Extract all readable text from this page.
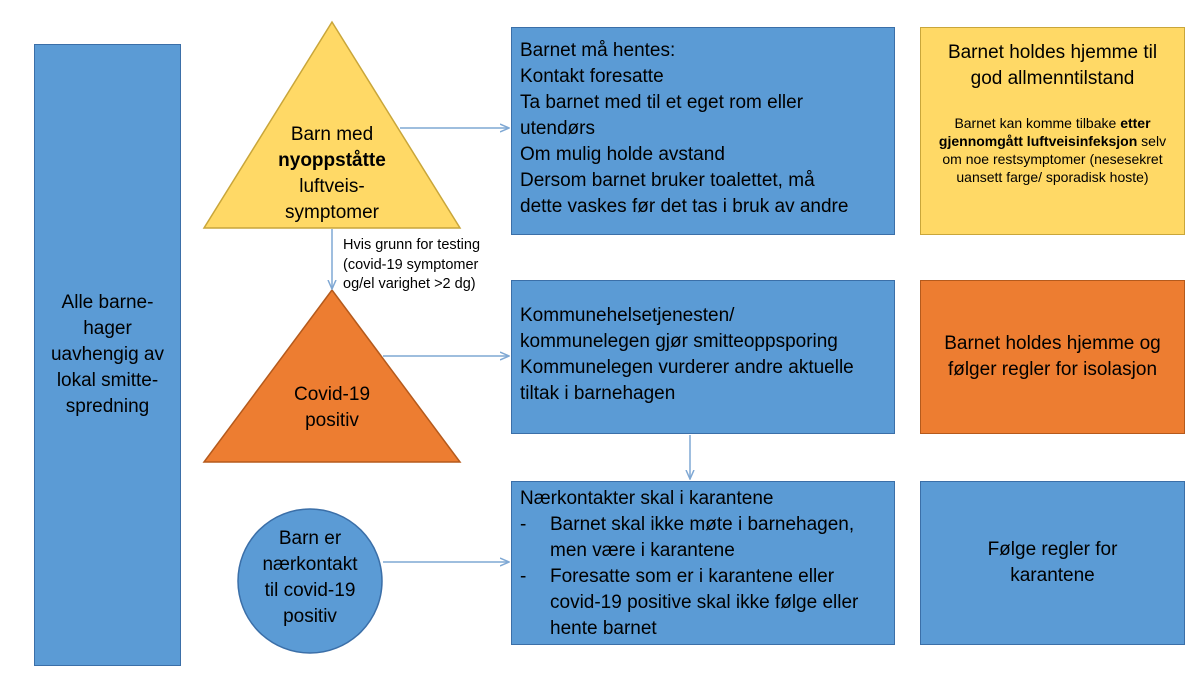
Alle barne-

hager

uavhengig av

lokal smitte-

spredning

Barn med

nyoppståtte

luftveis-

symptomer

Hvis grunn for testing

(covid-19 symptomer

og/el varighet >2 dg)

Covid-19

positiv

Barn er

nærkontakt

til covid-19

positiv

Barnet må hentes:

Kontakt foresatte

Ta barnet med til et eget rom eller

utendørs

Om mulig holde avstand

Dersom barnet bruker toalettet, må

dette vaskes før det tas i bruk av andre

Barnet holdes hjemme til

god allmenntilstand

Barnet kan komme tilbake etter gjennomgått luftveisinfeksjon selv om noe restsymptomer (nesesekret uansett farge/ sporadisk hoste)

Kommunehelsetjenesten/

kommunelegen gjør smitteoppsporing

Kommunelegen vurderer andre aktuelle

tiltak i barnehagen

Barnet holdes hjemme og

følger regler for isolasjon

Nærkontakter skal i karantene

-	Barnet skal ikke møte i barnehagen,

men være i karantene

-	Foresatte som er i karantene eller

covid-19 positive skal ikke følge eller

hente barnet

Følge regler for

karantene
